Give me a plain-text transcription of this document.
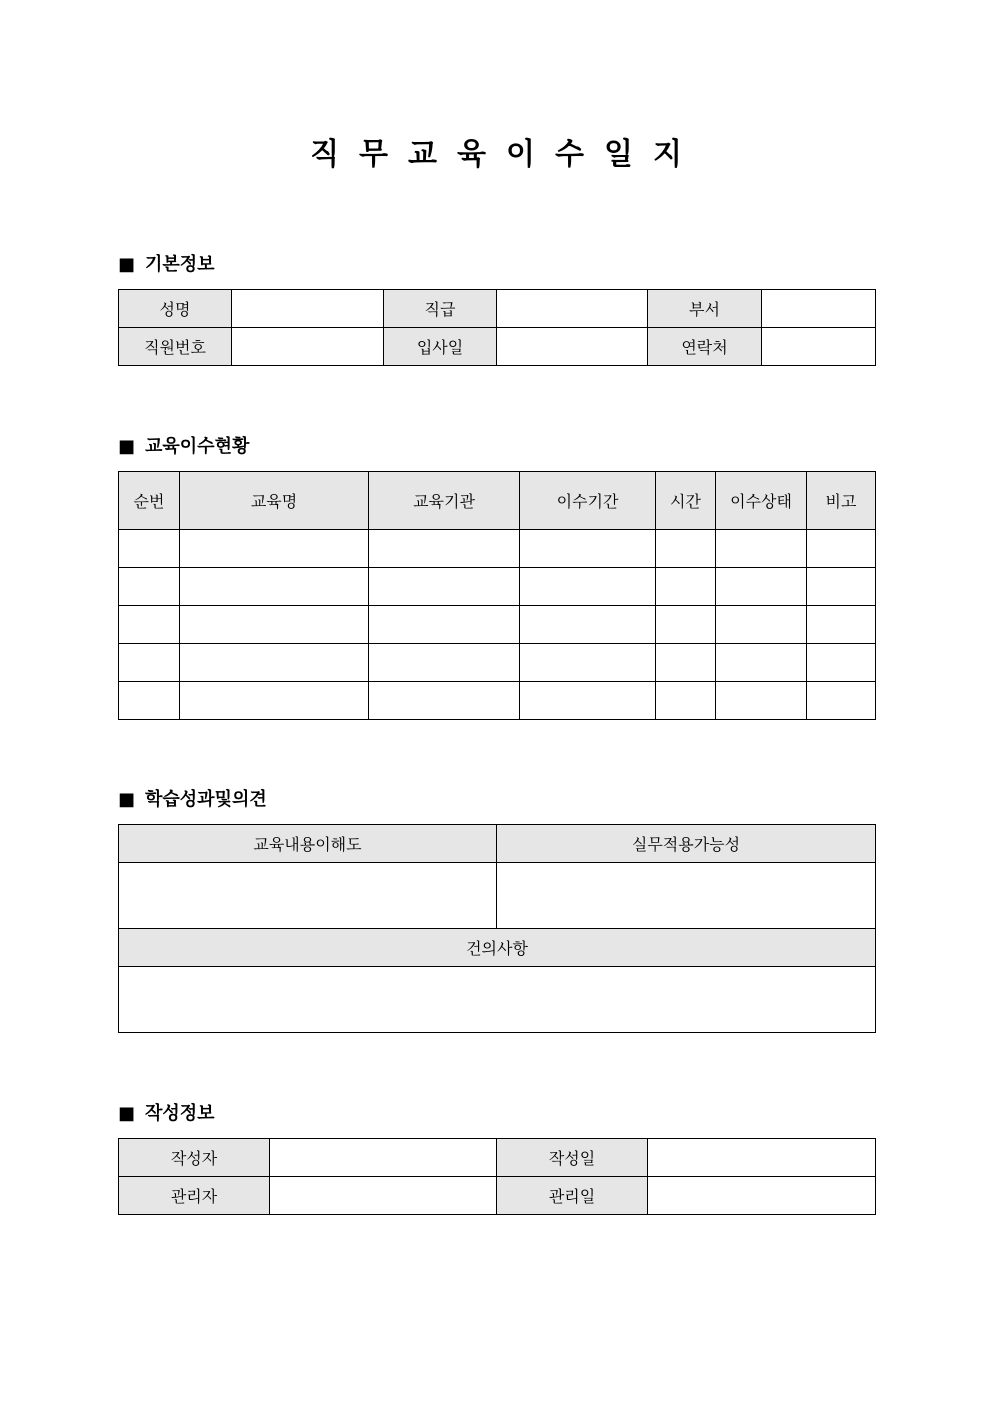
직무교육이수일지
■ 기본정보
성명		직급		부서	
직원번호		입사일		연락처	
■ 교육이수현황
순번	교육명	교육기관	이수기간	시간	이수상태	비고

■ 학습성과및의견
교육내용이해도	실무적용가능성

건의사항	

■ 작성정보
작성자		작성일	
관리자		관리일	
